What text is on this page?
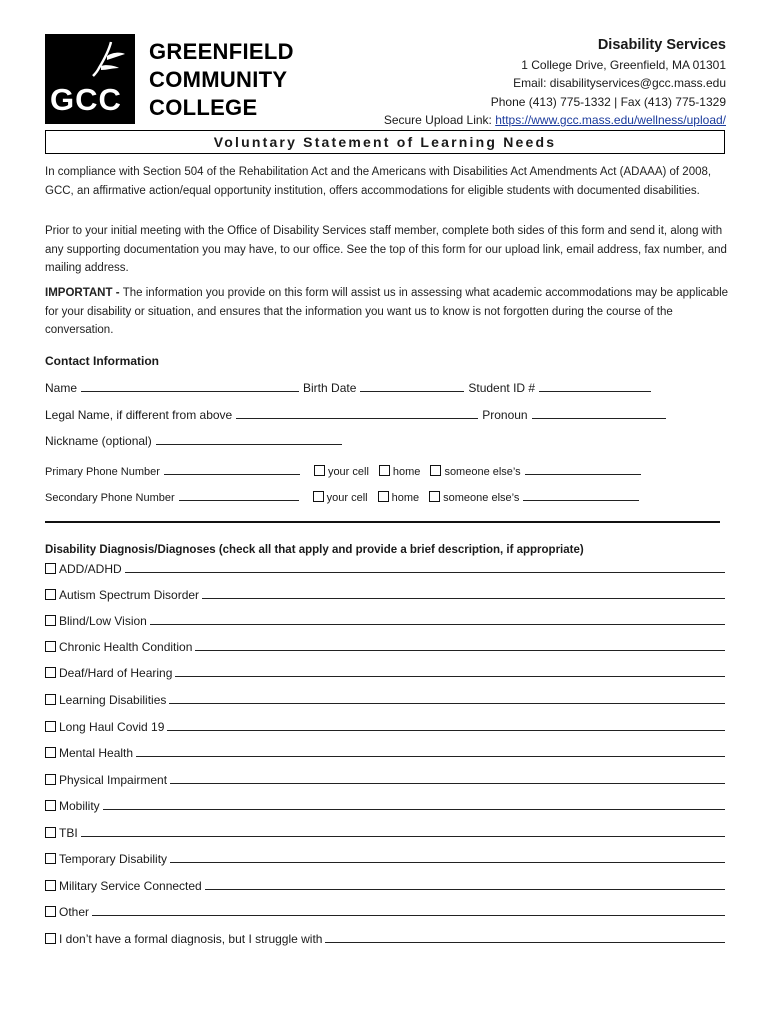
GCC
GREENFIELD
COMMUNITY
COLLEGE
Disability Services
1 College Drive, Greenfield, MA 01301
Email: disabilityservices@gcc.mass.edu
Phone (413) 775-1332 | Fax (413) 775-1329
Secure Upload Link: https://www.gcc.mass.edu/wellness/upload/
Voluntary Statement of Learning Needs
In compliance with Section 504 of the Rehabilitation Act and the Americans with Disabilities Act Amendments Act (ADAAA) of 2008, GCC, an affirmative action/equal opportunity institution, offers accommodations for eligible students with documented disabilities.
Prior to your initial meeting with the Office of Disability Services staff member, complete both sides of this form and send it, along with any supporting documentation you may have, to our office. See the top of this form for our upload link, email address, fax number, and mailing address.
IMPORTANT - The information you provide on this form will assist us in assessing what academic accommodations may be applicable for your disability or situation, and ensures that the information you want us to know is not forgotten during the course of the conversation.
Contact Information
Name	Birth Date	Student ID #
Legal Name, if different from above	Pronoun
Nickname (optional)
Primary Phone Number	your cell home someone else’s
Secondary Phone Number	your cell home someone else’s
Disability Diagnosis/Diagnoses (check all that apply and provide a brief description, if appropriate)
ADD/ADHD
Autism Spectrum Disorder
Blind/Low Vision
Chronic Health Condition
Deaf/Hard of Hearing
Learning Disabilities
Long Haul Covid 19
Mental Health
Physical Impairment
Mobility
TBI
Temporary Disability
Military Service Connected
Other
I don’t have a formal diagnosis, but I struggle with
